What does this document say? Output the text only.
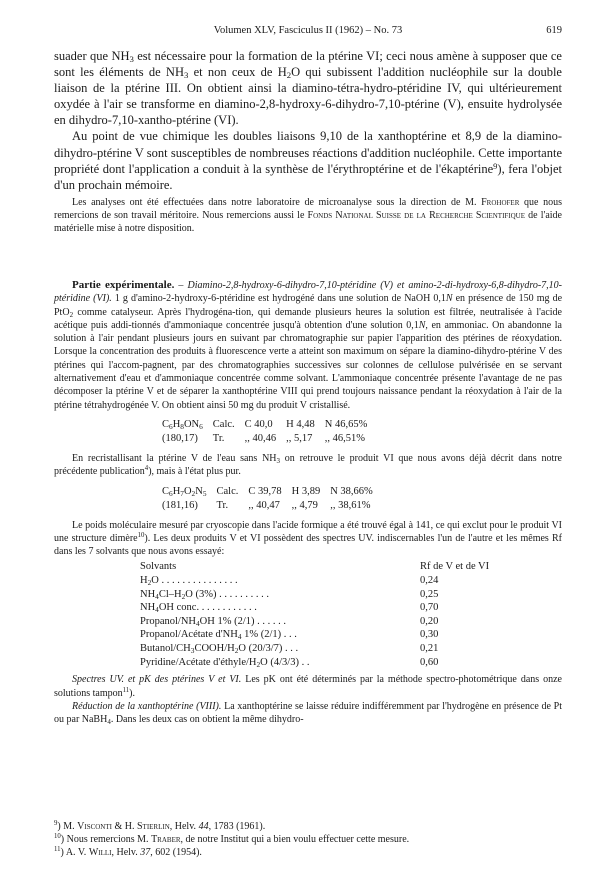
Volumen XLV, Fasciculus II (1962) – No. 73	619

suader que $NH_3$ est nécessaire pour la formation de la ptérine VI; ceci nous amène à supposer que ce sont les éléments de $NH_3$ et non ceux de $H_2O$ qui subissent l'addition nucléophile sur la double liaison de la ptérine III. On obtient ainsi la diamino-tétra-hydro-ptéridine IV, qui ultérieurement oxydée à l'air se transforme en diamino-2,8-hydroxy-6-dihydro-7,10-ptérine (V), ensuite hydrolysée en dihydro-7,10-xantho-ptérine (VI).

Au point de vue chimique les doubles liaisons 9,10 de la xanthoptérine et 8,9 de la diamino-dihydro-ptérine V sont susceptibles de nombreuses réactions d'addition nucléophile. Cette importante propriété dont l'application a conduit à la synthèse de l'érythroptérine et de l'ékaptérine$^9$), fera l'objet d'un prochain mémoire.

Les analyses ont été effectuées dans notre laboratoire de microanalyse sous la direction de M. Frohofer que nous remercions de son travail méritoire. Nous remercions aussi le Fonds National Suisse de la Recherche Scientifique de l'aide matérielle mise à notre disposition.

Partie expérimentale. – Diamino-2,8-hydroxy-6-dihydro-7,10-ptéridine (V) et amino-2-di-hydroxy-6,8-dihydro-7,10-ptéridine (VI). 1 g d'amino-2-hydroxy-6-ptéridine est hydrogéné dans une solution de NaOH 0,1N en présence de 150 mg de PtO$_2$ comme catalyseur. Après l'hydrogéna-tion, qui demande plusieurs heures la solution est filtrée, neutralisée à l'acide acétique puis addi-tionnés d'ammoniaque concentrée jusqu'à obtention d'une solution 0,1N, en ammoniac. On abandonne la solution à l'air pendant plusieurs jours en suivant par chromatographie sur papier l'apparition des ptérines de réoxydation. Lorsque la concentration des produits à fluorescence verte a atteint son maximum on sépare la diamino-dihydro-ptérine V des ptérines qui l'accom-pagnent, par des chromatographies successives sur colonnes de cellulose pulvérisée en se servant alternativement d'eau et d'ammoniaque concentrée comme solvant. L'ammoniaque concentrée présente l'avantage de ne pas décomposer la ptérine V et de séparer la xanthoptérine VIII qui prend toujours naissance pendant la réoxydation à l'air de la ptérine tétrahydrogénée V. On obtient ainsi 50 mg du produit V cristallisé.

$C_6H_8ON_6$	Calc.	C 40,0	H 4,48	N 46,65%
(180,17)	Tr.	,, 40,46	,, 5,17	,, 46,51%

En recristallisant la ptérine V de l'eau sans $NH_3$ on retrouve le produit VI que nous avons déjà décrit dans notre précédente publication$^4$), mais à l'état plus pur.

$C_6H_7O_2N_5$	Calc.	C 39,78	H 3,89	N 38,66%
(181,16)	Tr.	,, 40,47	,, 4,79	,, 38,61%

Le poids moléculaire mesuré par cryoscopie dans l'acide formique a été trouvé égal à 141, ce qui exclut pour le produit VI une structure dimère$^{10}$). Les deux produits V et VI possèdent des spectres UV. indiscernables l'un de l'autre et les mêmes Rf dans les 7 solvants que nous avons essayé:

Solvants	Rf de V et de VI
$H_2O$ . . . . . . . . . . . . . . .	0,24
$NH_4Cl-H_2O$ (3%) . . . . . . . . . .	0,25
$NH_4OH$ conc. . . . . . . . . . . .	0,70
Propanol/$NH_4OH$ 1% (2/1) . . . . . .	0,20
Propanol/Acétate $d'NH_4$ 1% (2/1) . . .	0,30
Butanol/$CH_3COOH/H_2O$ (20/3/7) . . .	0,21
Pyridine/Acétate $d'éthyle/H_2O$ (4/3/3) . .	0,60

Spectres UV. et pK des ptérines V et VI. Les pK ont été déterminés par la méthode spectro-photométrique dans onze solutions tampon$^{11}$).

Réduction de la xanthoptérine (VIII). La xanthoptérine se laisse réduire indifféremment par l'hydrogène en présence de Pt ou par NaBH$_4$. Dans les deux cas on obtient la même dihydro-

$^9$) M. Visconti & H. Stierlin, Helv. 44, 1783 (1961).
$^{10}$) Nous remercions M. Traber, de notre Institut qui a bien voulu effectuer cette mesure.
$^{11}$) A. V. Willi, Helv. 37, 602 (1954).
